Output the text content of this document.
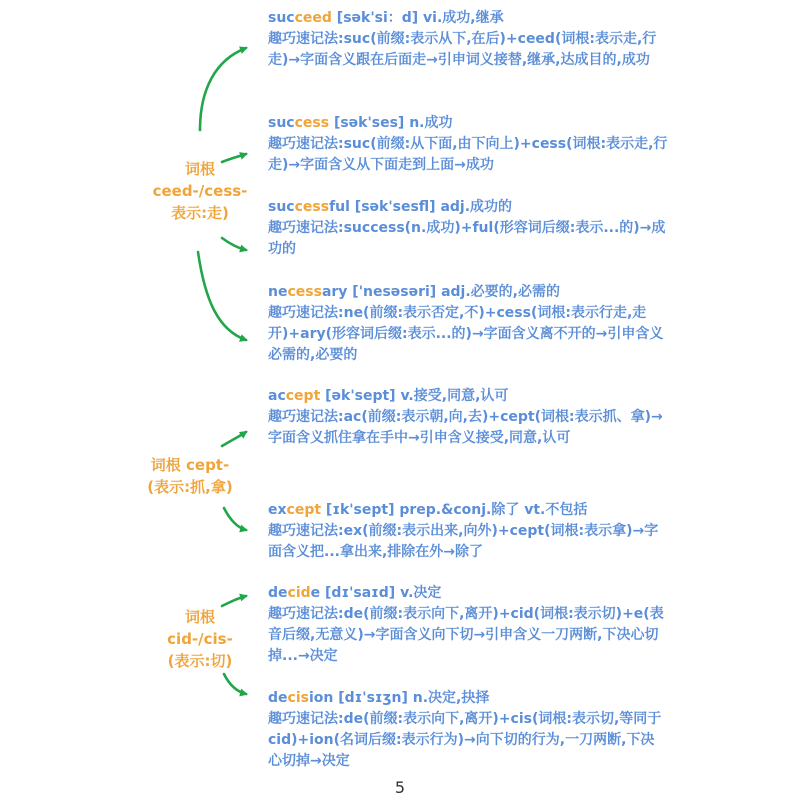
词根
ceed-/cess-
表示:走)
词根 cept-
(表示:抓,拿)
词根
cid-/cis-
(表示:切)
succeed [sək'si：d] vi.成功,继承
趣巧速记法:suc(前缀:表示从下,在后)+ceed(词根:表示走,行走)→字面含义跟在后面走→引申词义接替,继承,达成目的,成功
success [sək'ses] n.成功
趣巧速记法:suc(前缀:从下面,由下向上)+cess(词根:表示走,行走)→字面含义从下面走到上面→成功
successful [sək'sesfl] adj.成功的
趣巧速记法:success(n.成功)+ful(形容词后缀:表示...的)→成功的
necessary ['nesəsəri] adj.必要的,必需的
趣巧速记法:ne(前缀:表示否定,不)+cess(词根:表示行走,走开)+ary(形容词后缀:表示...的)→字面含义离不开的→引申含义必需的,必要的
accept [ək'sept] v.接受,同意,认可
趣巧速记法:ac(前缀:表示朝,向,去)+cept(词根:表示抓、拿)→字面含义抓住拿在手中→引申含义接受,同意,认可
except [ɪk'sept] prep.&conj.除了 vt.不包括
趣巧速记法:ex(前缀:表示出来,向外)+cept(词根:表示拿)→字面含义把...拿出来,排除在外→除了
decide [dɪ'saɪd] v.决定
趣巧速记法:de(前缀:表示向下,离开)+cid(词根:表示切)+e(表音后缀,无意义)→字面含义向下切→引申含义一刀两断,下决心切掉...→决定
decision [dɪ'sɪʒn] n.决定,抉择
趣巧速记法:de(前缀:表示向下,离开)+cis(词根:表示切,等同于 cid)+ion(名词后缀:表示行为)→向下切的行为,一刀两断,下决心切掉→决定
5
